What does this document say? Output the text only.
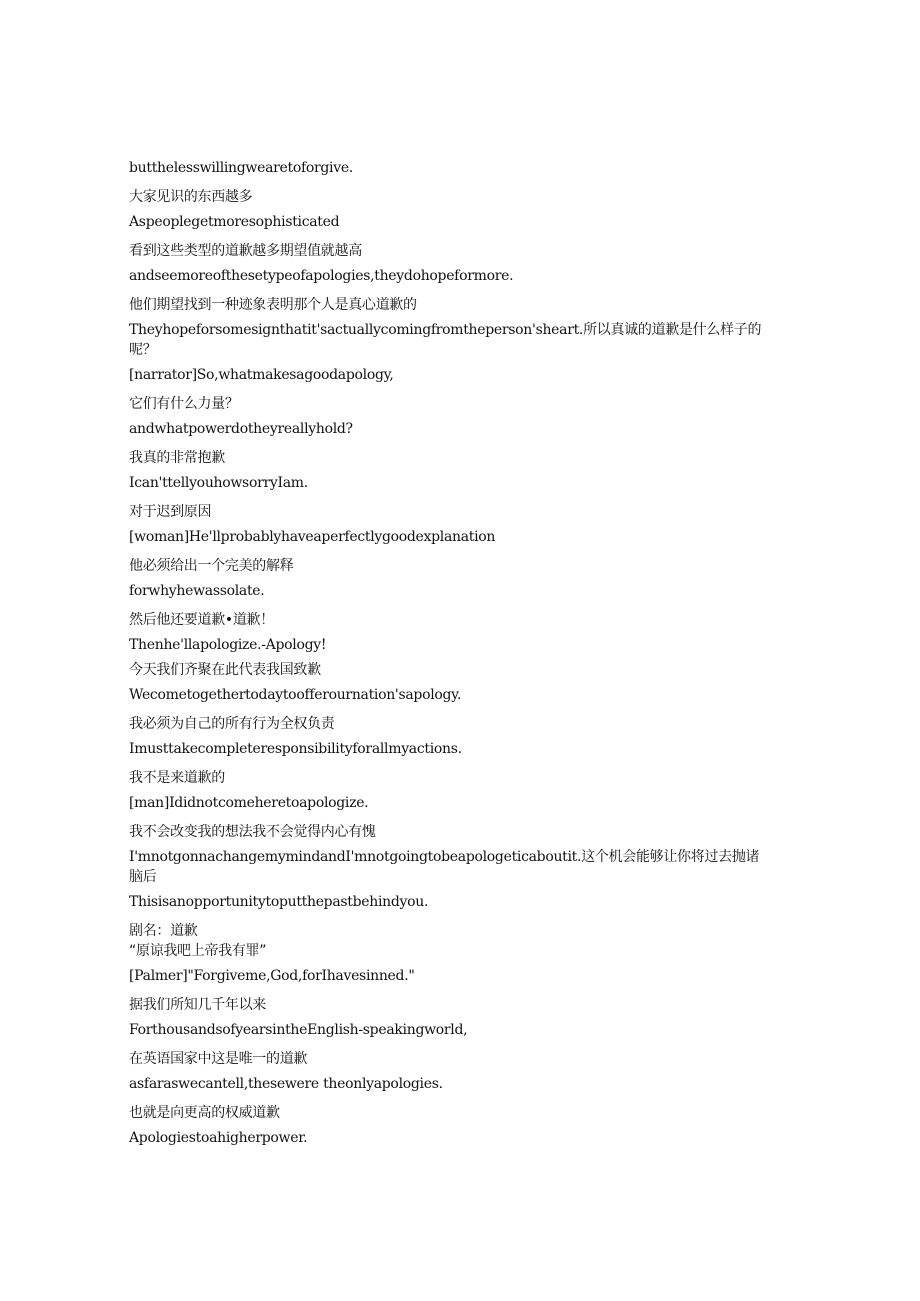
butthelesswillingwearetoforgive.
大家见识的东西越多
Aspeoplegetmoresophisticated
看到这些类型的道歉越多期望值就越高
andseemoreofthesetypeofapologies,theydohopeformore.
他们期望找到一种迹象表明那个人是真心道歉的
Theyhopeforsomesignthatit'sactuallycomingfromtheperson'sheart.所以真诚的道歉是什么样子的呢？
[narrator]So,whatmakesagoodapology,
它们有什么力量？
andwhatpowerdotheyreallyhold?
我真的非常抱歉
Ican'ttellyouhowsorryIam.
对于迟到原因
[woman]He'llprobablyhaveaperfectlygoodexplanation
他必须给出一个完美的解释
forwhyhewassolate.
然后他还要道歉•道歉！
Thenhe'llapologize.-Apology!
今天我们齐聚在此代表我国致歉
Wecometogethertodaytoofferournation'sapology.
我必须为自己的所有行为全权负责
Imusttakecompleteresponsibilityforallmyactions.
我不是来道歉的
[man]Ididnotcomeheretoapologize.
我不会改变我的想法我不会觉得内心有愧
I'mnotgonnachangemymindandI'mnotgoingtobeapologeticaboutit.这个机会能够让你将过去抛诸脑后
Thisisanopportunitytoputthepastbehindyou.
剧名：道歉
“原谅我吧上帝我有罪”
[Palmer]"Forgiveme,God,forIhavesinned."
据我们所知几千年以来
ForthousandsofyearsintheEnglish-speakingworld,
在英语国家中这是唯一的道歉
asfaraswecantell,thesewere theonlyapologies.
也就是向更高的权威道歉
Apologiestoahigherpower.
